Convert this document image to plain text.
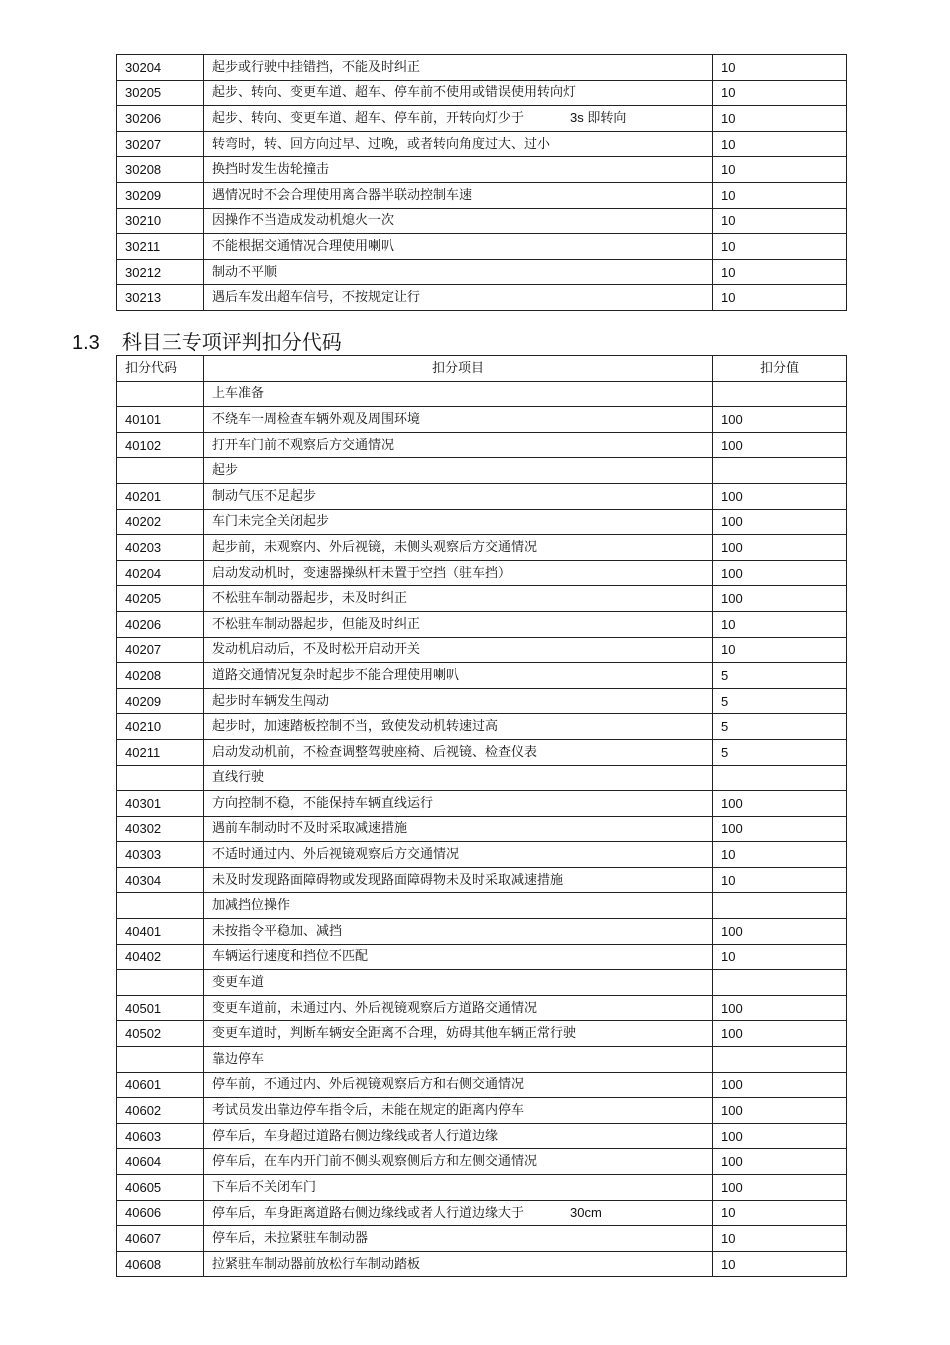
30204	起步或行驶中挂错挡，不能及时纠正	10
30205	起步、转向、变更车道、超车、停车前不使用或错误使用转向灯	10
30206	起步、转向、变更车道、超车、停车前，开转向灯少于 3s 即转向	10
30207	转弯时，转、回方向过早、过晚，或者转向角度过大、过小	10
30208	换挡时发生齿轮撞击	10
30209	遇情况时不会合理使用离合器半联动控制车速	10
30210	因操作不当造成发动机熄火一次	10
30211	不能根据交通情况合理使用喇叭	10
30212	制动不平顺	10
30213	遇后车发出超车信号，不按规定让行	10
1.3 科目三专项评判扣分代码
扣分代码	扣分项目	扣分值
	上车准备	
40101	不绕车一周检查车辆外观及周围环境	100
40102	打开车门前不观察后方交通情况	100
	起步	
40201	制动气压不足起步	100
40202	车门未完全关闭起步	100
40203	起步前，未观察内、外后视镜，未侧头观察后方交通情况	100
40204	启动发动机时，变速器操纵杆未置于空挡（驻车挡）	100
40205	不松驻车制动器起步，未及时纠正	100
40206	不松驻车制动器起步，但能及时纠正	10
40207	发动机启动后，不及时松开启动开关	10
40208	道路交通情况复杂时起步不能合理使用喇叭	5
40209	起步时车辆发生闯动	5
40210	起步时，加速踏板控制不当，致使发动机转速过高	5
40211	启动发动机前，不检查调整驾驶座椅、后视镜、检查仪表	5
	直线行驶	
40301	方向控制不稳，不能保持车辆直线运行	100
40302	遇前车制动时不及时采取减速措施	100
40303	不适时通过内、外后视镜观察后方交通情况	10
40304	未及时发现路面障碍物或发现路面障碍物未及时采取减速措施	10
	加减挡位操作	
40401	未按指令平稳加、减挡	100
40402	车辆运行速度和挡位不匹配	10
	变更车道	
40501	变更车道前，未通过内、外后视镜观察后方道路交通情况	100
40502	变更车道时，判断车辆安全距离不合理，妨碍其他车辆正常行驶	100
	靠边停车	
40601	停车前，不通过内、外后视镜观察后方和右侧交通情况	100
40602	考试员发出靠边停车指令后，未能在规定的距离内停车	100
40603	停车后，车身超过道路右侧边缘线或者人行道边缘	100
40604	停车后，在车内开门前不侧头观察侧后方和左侧交通情况	100
40605	下车后不关闭车门	100
40606	停车后，车身距离道路右侧边缘线或者人行道边缘大于 30cm	10
40607	停车后，未拉紧驻车制动器	10
40608	拉紧驻车制动器前放松行车制动踏板	10
